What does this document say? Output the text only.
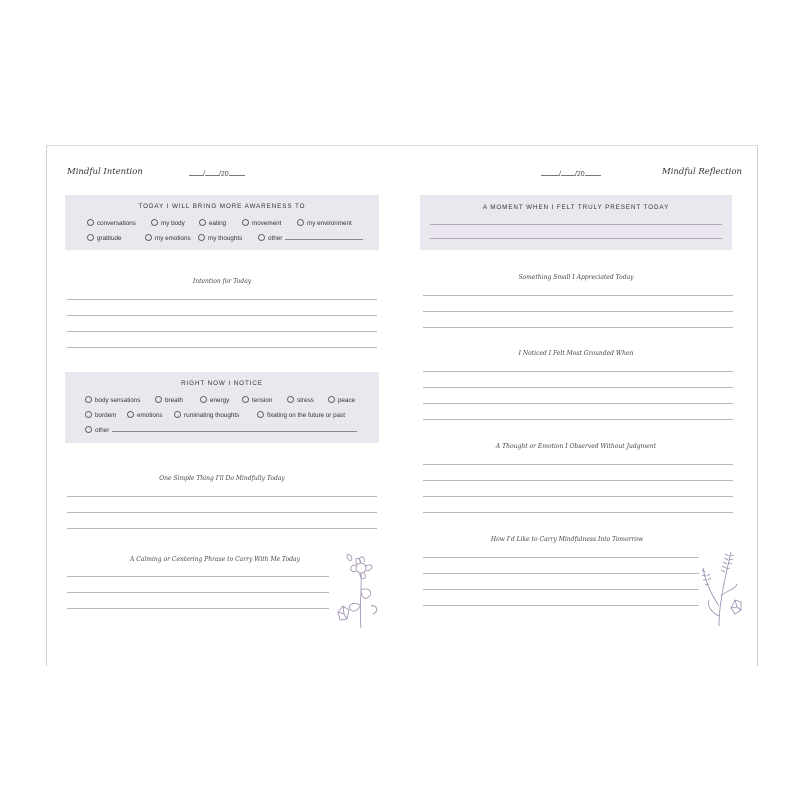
Mindful Intention	/ /20
TODAY I WILL BRING MORE AWARENESS TO
conversations	my body	eating	movement	my environment
gratitude	my emotions	my thoughts	other
Intention for Today
RIGHT NOW I NOTICE
body sensations	breath	energy	tension	stress	peace
bordem	emotions	ruminating thoughts	fixating on the future or past
other
One Simple Thing I'll Do Mindfully Today
A Calming or Centering Phrase to Carry With Me Today
/ /20	Mindful Reflection
A MOMENT WHEN I FELT TRULY PRESENT TODAY
Something Small I Appreciated Today
I Noticed I Felt Most Grounded When
A Thought or Emotion I Observed Without Judgment
How I'd Like to Carry Mindfulness Into Tomorrow
